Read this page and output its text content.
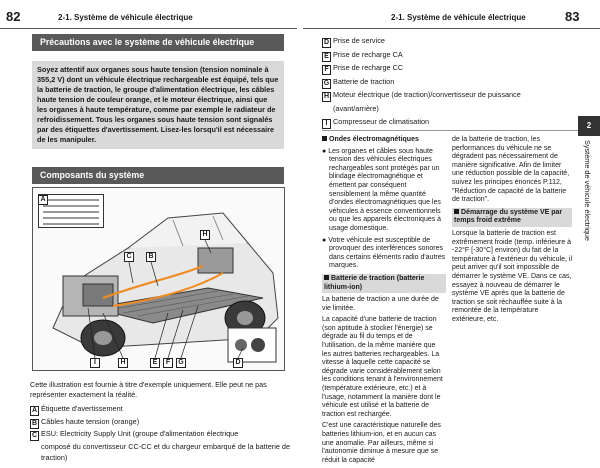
82	2-1. Système de véhicule électrique	2-1. Système de véhicule électrique	83
Précautions avec le système de véhicule électrique
Soyez attentif aux organes sous haute tension (tension nominale à 355,2 V) dont un véhicule électrique rechargeable est équipé, tels que la batterie de traction, le groupe d'alimentation électrique, les câbles haute tension de couleur orange, et le moteur électrique, ainsi que les organes à haute température, comme par exemple le radiateur de refroidissement. Tous les organes sous haute tension sont signalés par des étiquettes d'avertissement. Lisez-les lorsqu'il est nécessaire de les manipuler.
Composants du système
A
C	B
H
I	H	E	F	G	D
Cette illustration est fournie à titre d'exemple uniquement. Elle peut ne pas représenter exactement la réalité.
A Étiquette d'avertissement
B Câbles haute tension (orange)
C ESU: Electricity Supply Unit (groupe d'alimentation électrique
composé du convertisseur CC-CC et du chargeur embarqué de la batterie de traction)
D Prise de service
E Prise de recharge CA
F Prise de recharge CC
G Batterie de traction
H Moteur électrique (de traction)/convertisseur de puissance
(avant/arrière)
I Compresseur de climatisation

Ondes électromagnétiques

● Les organes et câbles sous haute tension des véhicules électriques rechargeables sont protégés par un blindage électromagnétique et émettent par conséquent sensiblement la même quantité d'ondes électromagnétiques que les véhicules à essence conventionnels ou que les appareils électroniques à usage domestique.

● Votre véhicule est susceptible de provoquer des interférences sonores dans certains éléments radio d'autres marques.

Batterie de traction (batterie lithium-ion)

La batterie de traction a une durée de vie limitée.

La capacité d'une batterie de traction (son aptitude à stocker l'énergie) se dégrade au fil du temps et de l'utilisation, de la même manière que les autres batteries rechargeables. La vitesse à laquelle cette capacité se dégrade varie considérablement selon les conditions tenant à l'environnement (température extérieure, etc.) et à l'usage, notamment la manière dont le véhicule est utilisé et la batterie de traction est rechargée.

C'est une caractéristique naturelle des batteries lithium-ion, et en aucun cas une anomalie. Par ailleurs, même si l'autonomie diminue à mesure que se réduit la capacité

de la batterie de traction, les performances du véhicule ne se dégradent pas nécessairement de manière significative. Afin de limiter une réduction possible de la capacité, suivez les principes énoncés P.112, "Réduction de capacité de la batterie de traction".

Démarrage du système VE par temps froid extrême

Lorsque la batterie de traction est extrêmement froide (temp. inférieure à -22°F [-30°C] environ) du fait de la température à l'extérieur du véhicule, il peut arriver qu'il soit impossible de démarrer le système VE. Dans ce cas, essayez à nouveau de démarrer le système VE après que la batterie de traction se soit réchauffée suite à la remontée de la température extérieure, etc.

2
Système de véhicule électrique
